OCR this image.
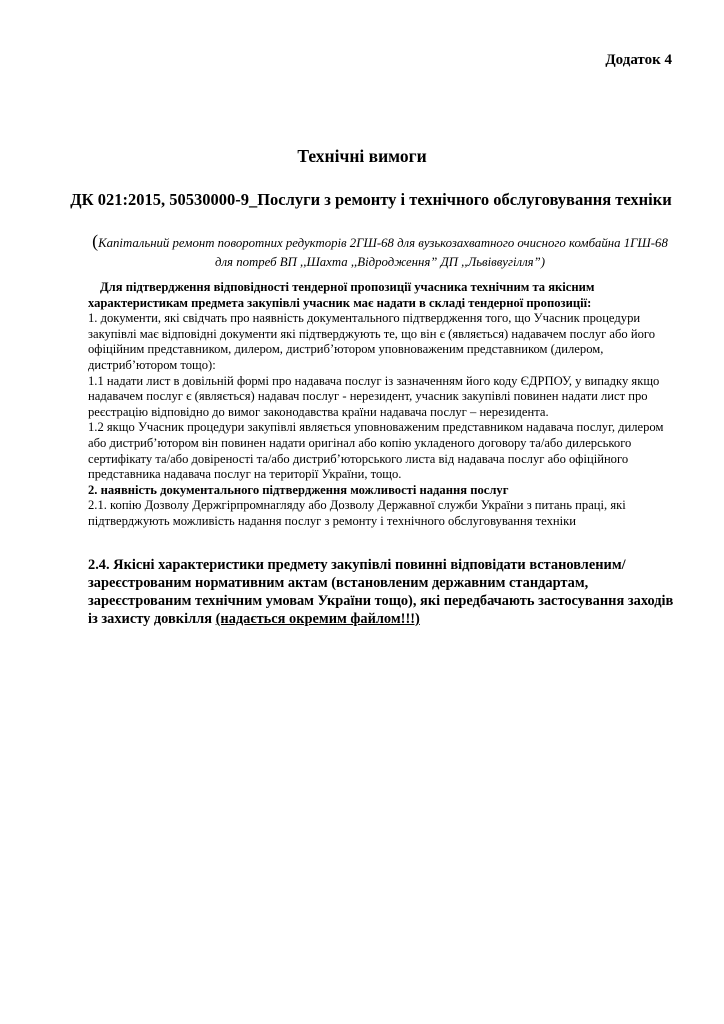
Додаток 4
Технічні вимоги
ДК 021:2015, 50530000-9_Послуги з ремонту і технічного обслуговування техніки
(Капітальний ремонт поворотних редукторів 2ГШ-68 для вузькозахватного очисного комбайна 1ГШ-68 для потреб ВП ,,Шахта ,,Відродження” ДП ,,Львіввугілля”)

Для підтвердження відповідності тендерної пропозиції учасника технічним та якісним характеристикам предмета закупівлі учасник має надати в складі тендерної пропозиції:

1. документи, які свідчать про наявність документального підтвердження того, що Учасник процедури закупівлі має відповідні документи які підтверджують те, що він є (являється) надавачем послуг або його офіційним представником, дилером, дистриб’ютором уповноваженим представником (дилером, дистриб’ютором тощо):

1.1 надати лист в довільній формі про надавача послуг із зазначенням його коду ЄДРПОУ, у випадку якщо надавачем послуг є (являється) надавач послуг - нерезидент, учасник закупівлі повинен надати лист про реєстрацію відповідно до вимог законодавства країни надавача послуг – нерезидента.

1.2 якщо Учасник процедури закупівлі являється уповноваженим представником надавача послуг, дилером або дистриб’ютором він повинен надати оригінал або копію укладеного договору та/або дилерського сертифікату та/або довіреності та/або дистриб’юторського листа від надавача послуг або офіційного представника надавача послуг на території України, тощо.

2. наявність документального підтвердження можливості надання послуг

2.1. копію Дозволу Держгірпромнагляду або Дозволу Державної служби України з питань праці, які підтверджують можливість надання послуг з ремонту і технічного обслуговування техніки

2.4. Якісні характеристики предмету закупівлі повинні відповідати встановленим/зареєстрованим нормативним актам (встановленим державним стандартам, зареєстрованим технічним умовам України тощо), які передбачають застосування заходів із захисту довкілля (надається окремим файлом!!!)
